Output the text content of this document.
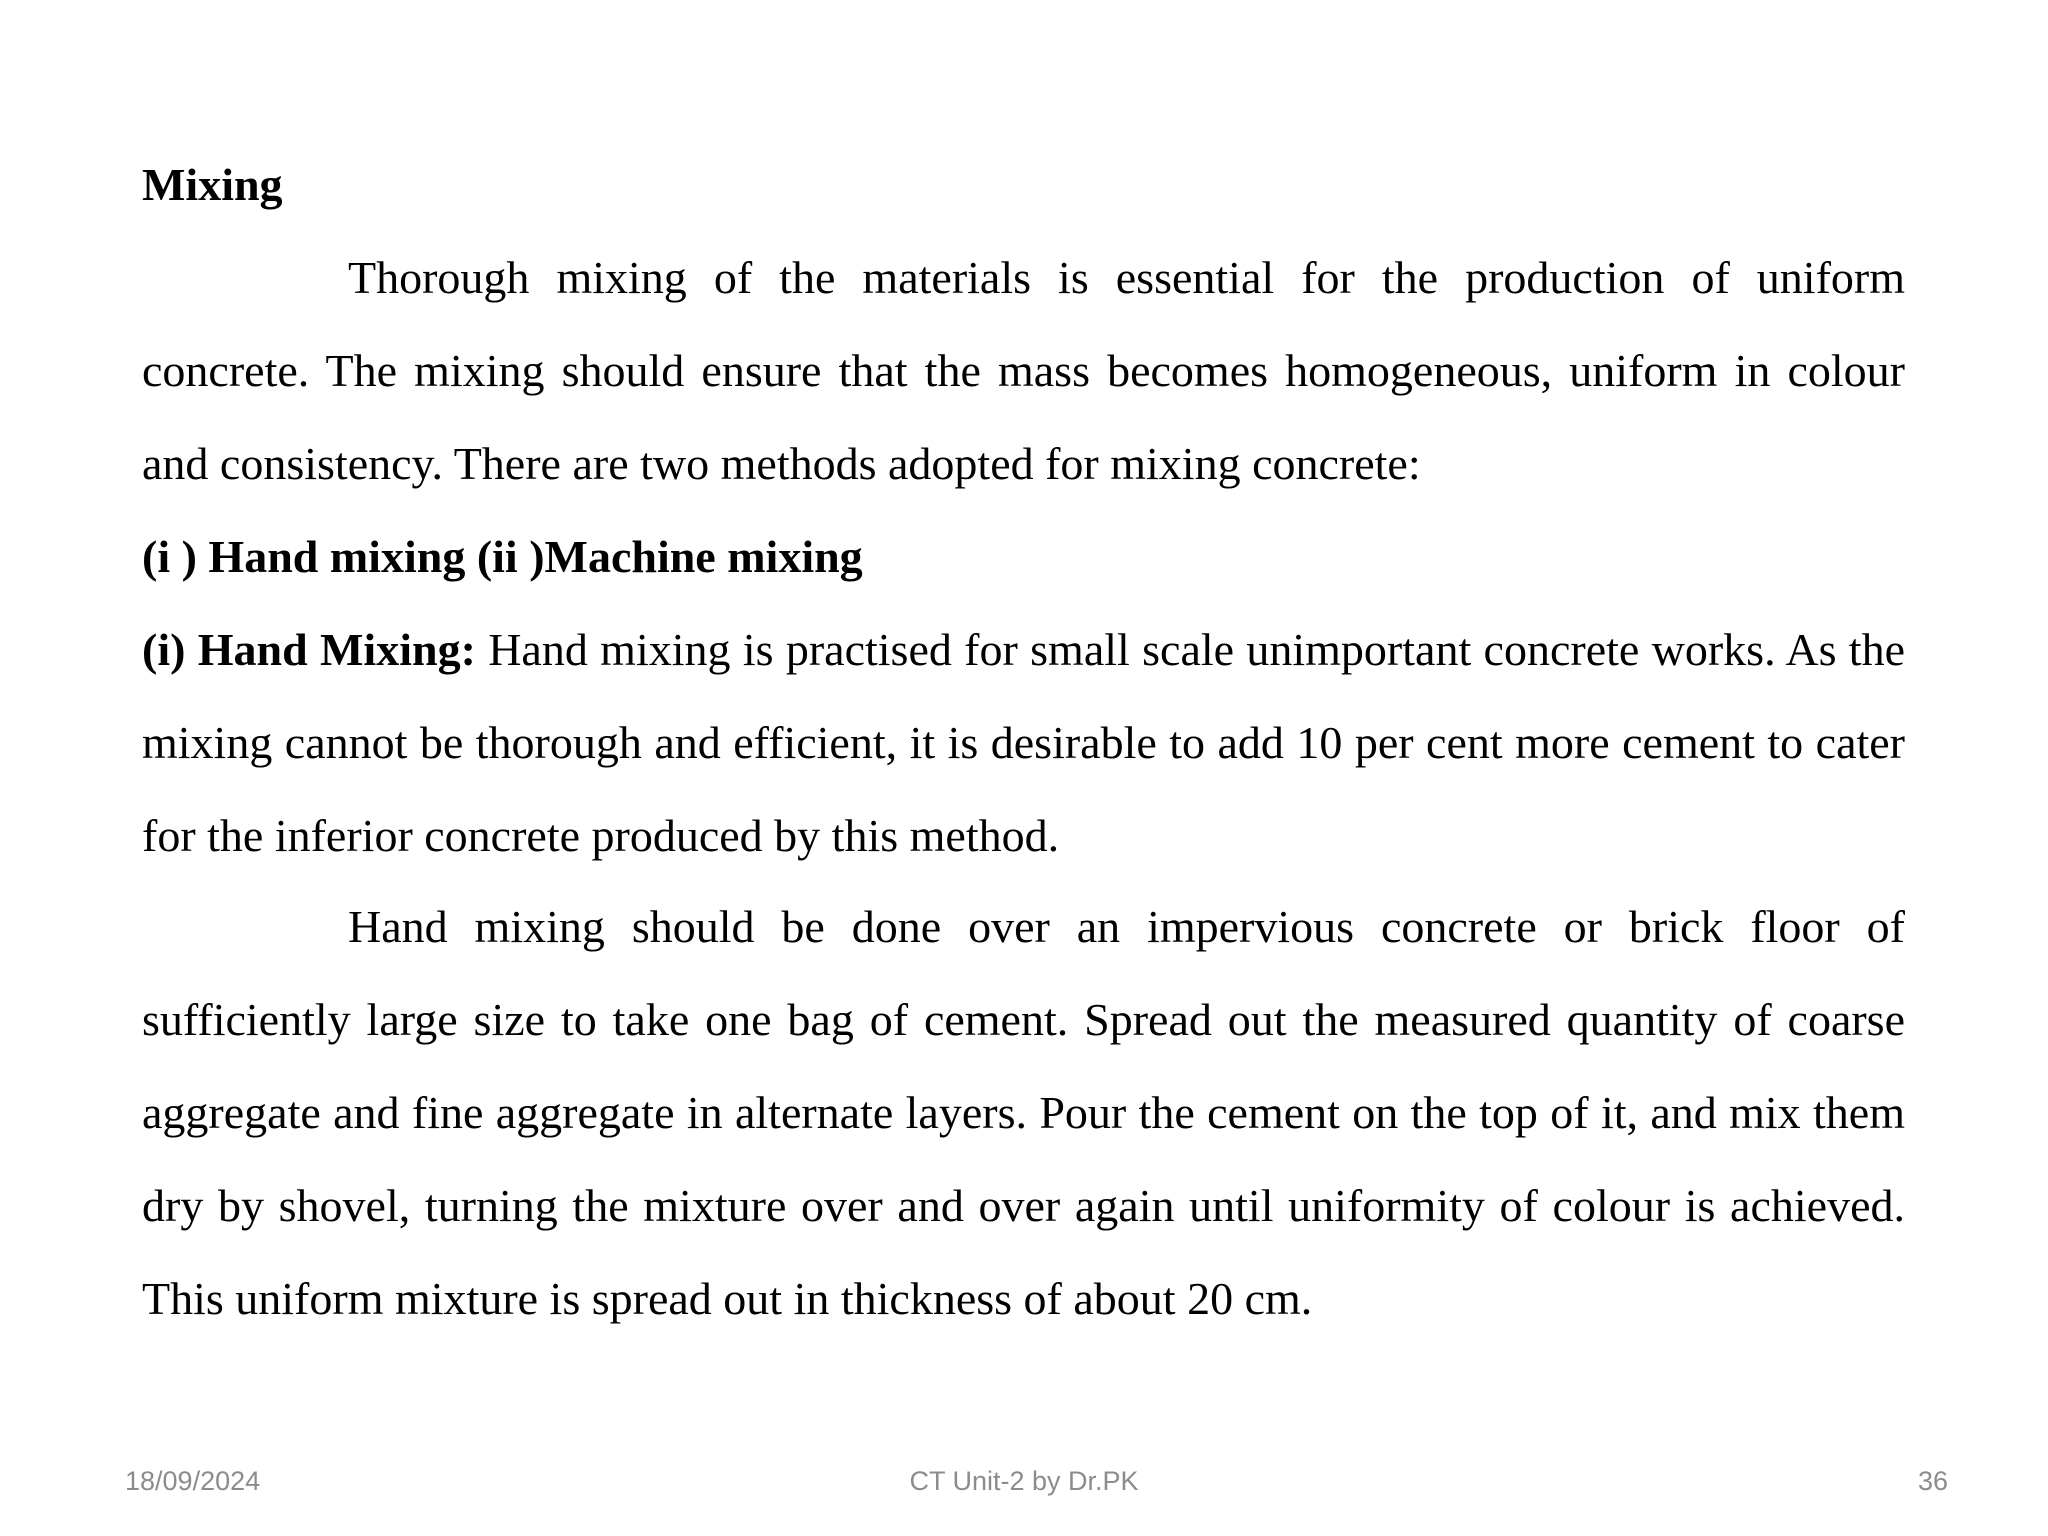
Mixing

Thorough mixing of the materials is essential for the production of uniform concrete. The mixing should ensure that the mass becomes homogeneous, uniform in colour and consistency. There are two methods adopted for mixing concrete:

(i ) Hand mixing (ii )Machine mixing

(i) Hand Mixing: Hand mixing is practised for small scale unimportant concrete works. As the mixing cannot be thorough and efficient, it is desirable to add 10 per cent more cement to cater for the inferior concrete produced by this method.

Hand mixing should be done over an impervious concrete or brick floor of sufficiently large size to take one bag of cement. Spread out the measured quantity of coarse aggregate and fine aggregate in alternate layers. Pour the cement on the top of it, and mix them dry by shovel, turning the mixture over and over again until uniformity of colour is achieved. This uniform mixture is spread out in thickness of about 20 cm.

18/09/2024	CT Unit-2 by Dr.PK	36
